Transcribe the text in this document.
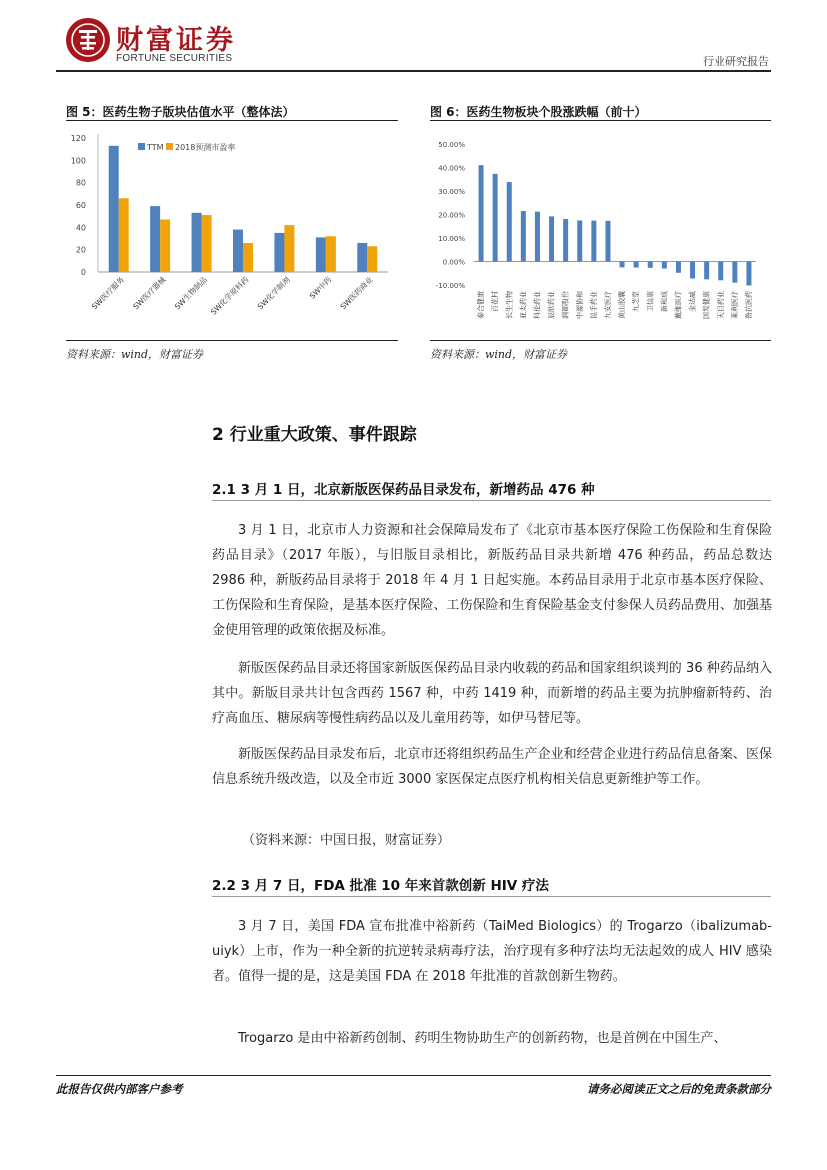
财富证券
FORTUNE SECURITIES	行业研究报告
图 5：医药生物子版块估值水平（整体法）
0
20
40
60
80
100
120
SW医疗服务 SW医疗器械 SW生物制品 SW化学原料药 SW化学制剂 SW中药 SW医药商业
TTM 2018预测市盈率
资料来源：wind，财富证券
图 6：医药生物板块个股涨跌幅（前十）
50.00%
40.00%
30.00%
20.00%
10.00%
0.00%
-10.00%
泰合健康 百花村 长生生物 亚太药业 科伦药业 辰欣药业 润都股份 中源协和 昆手药业 九安医疗 黄山胶囊 九芝堂 卫信康 新和成 戴维医疗 金达威 国发健康 天目药业 莱利医疗 鲁抗医药
资料来源：wind，财富证券
2 行业重大政策、事件跟踪
2.1 3 月 1 日，北京新版医保药品目录发布，新增药品 476 种
3 月 1 日，北京市人力资源和社会保障局发布了《北京市基本医疗保险工伤保险和生育保险药品目录》（2017 年版），与旧版目录相比，新版药品目录共新增 476 种药品，药品总数达 2986 种，新版药品目录将于 2018 年 4 月 1 日起实施。本药品目录用于北京市基本医疗保险、工伤保险和生育保险，是基本医疗保险、工伤保险和生育保险基金支付参保人员药品费用、加强基金使用管理的政策依据及标准。
新版医保药品目录还将国家新版医保药品目录内收载的药品和国家组织谈判的 36 种药品纳入其中。新版目录共计包含西药 1567 种，中药 1419 种，而新增的药品主要为抗肿瘤新特药、治疗高血压、糖尿病等慢性病药品以及儿童用药等，如伊马替尼等。
新版医保药品目录发布后，北京市还将组织药品生产企业和经营企业进行药品信息备案、医保信息系统升级改造，以及全市近 3000 家医保定点医疗机构相关信息更新维护等工作。
（资料来源：中国日报，财富证券）
2.2 3 月 7 日，FDA 批准 10 年来首款创新 HIV 疗法
3 月 7 日，美国 FDA 宣布批准中裕新药（TaiMed Biologics）的 Trogarzo（ibalizumab-uiyk）上市，作为一种全新的抗逆转录病毒疗法，治疗现有多种疗法均无法起效的成人 HIV 感染者。值得一提的是，这是美国 FDA 在 2018 年批准的首款创新生物药。
Trogarzo 是由中裕新药创制、药明生物协助生产的创新药物，也是首例在中国生产、
此报告仅供内部客户参考	请务必阅读正文之后的免责条款部分
